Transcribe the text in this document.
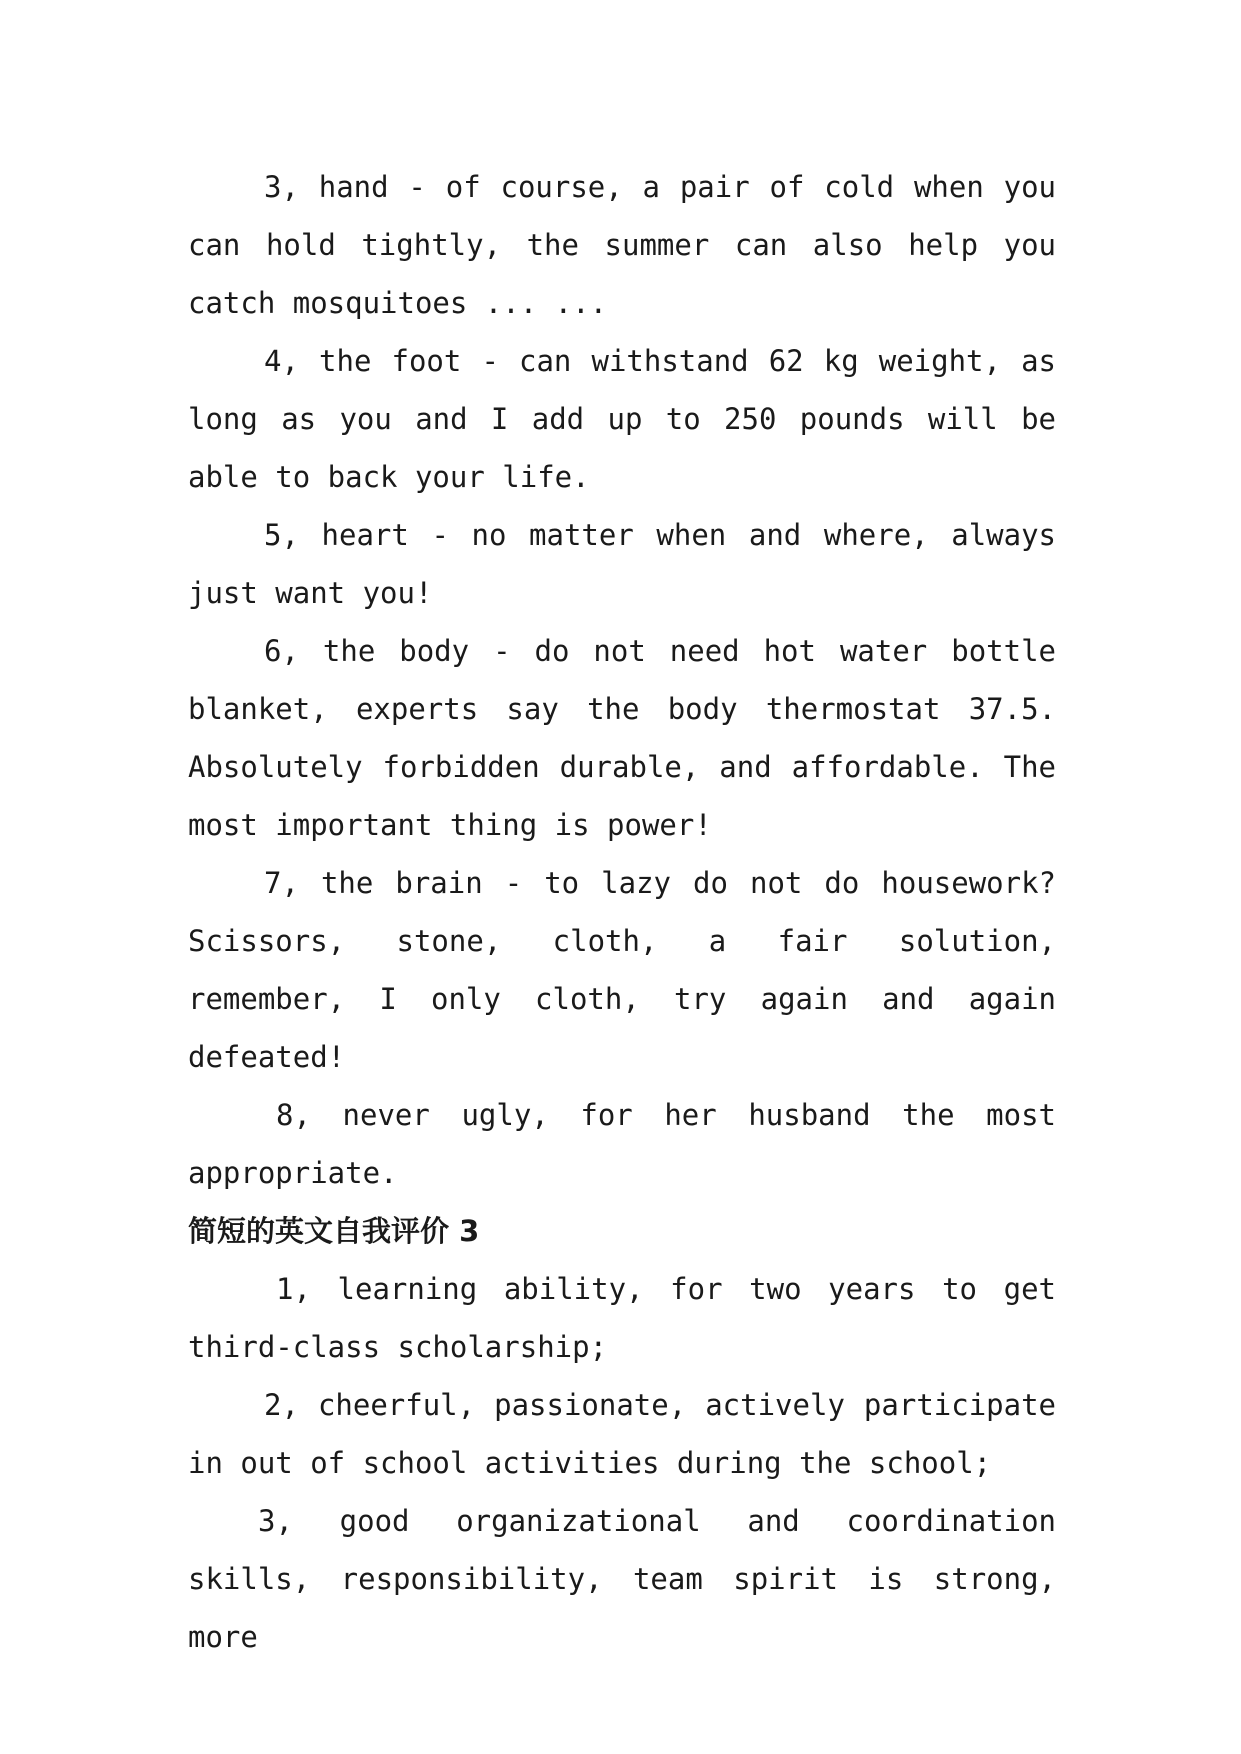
3, hand - of course, a pair of cold when you can hold tightly, the summer can also help you catch mosquitoes ... ...

4, the foot - can withstand 62 kg weight, as long as you and I add up to 250 pounds will be able to back your life.

5, heart - no matter when and where, always just want you!

6, the body - do not need hot water bottle blanket, experts say the body thermostat 37.5. Absolutely forbidden durable, and affordable. The most important thing is power!

7, the brain - to lazy do not do housework? Scissors, stone, cloth, a fair solution, remember, I only cloth, try again and again defeated!

8, never ugly, for her husband the most appropriate.

简短的英文自我评价 3

1, learning ability, for two years to get third-class scholarship;

2, cheerful, passionate, actively participate in out of school activities during the school;

3, good organizational and coordination skills, responsibility, team spirit is strong, more
